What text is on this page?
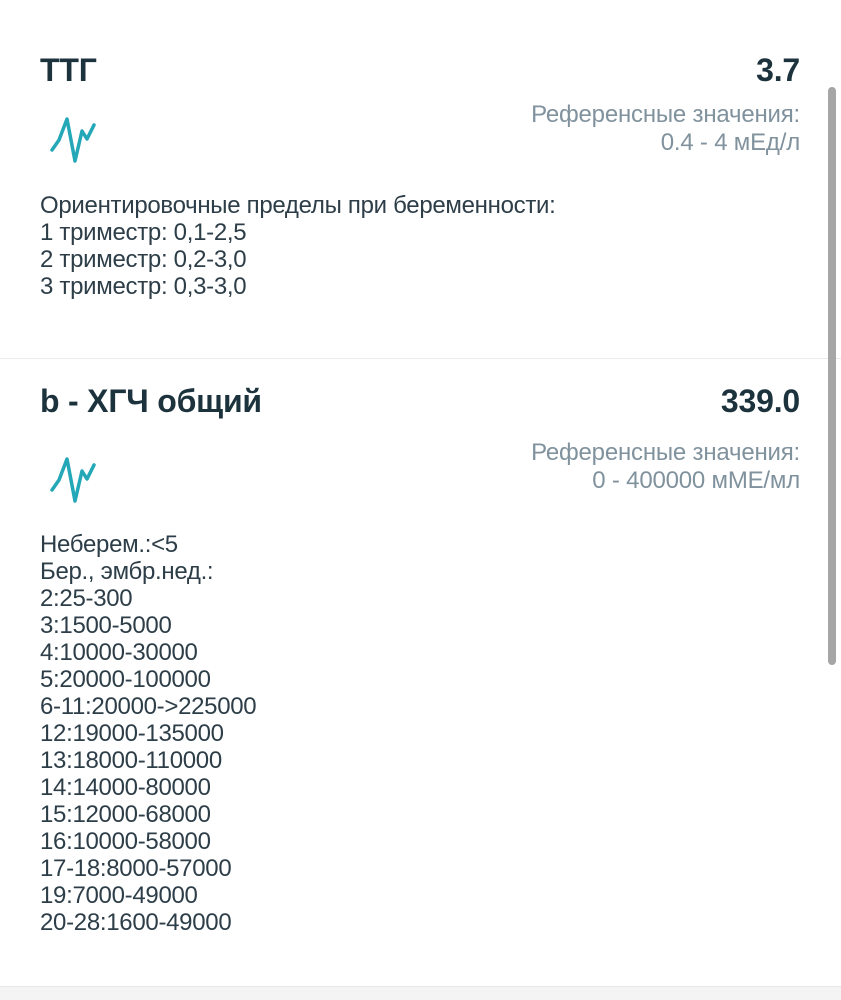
ТТГ	3.7
Референсные значения:
0.4 - 4 мЕд/л
Ориентировочные пределы при беременности:
1 триместр: 0,1-2,5
2 триместр: 0,2-3,0
3 триместр: 0,3-3,0
b - ХГЧ общий	339.0
Референсные значения:
0 - 400000 мМЕ/мл
Неберем.:<5
Бер., эмбр.нед.:
2:25-300
3:1500-5000
4:10000-30000
5:20000-100000
6-11:20000->225000
12:19000-135000
13:18000-110000
14:14000-80000
15:12000-68000
16:10000-58000
17-18:8000-57000
19:7000-49000
20-28:1600-49000
